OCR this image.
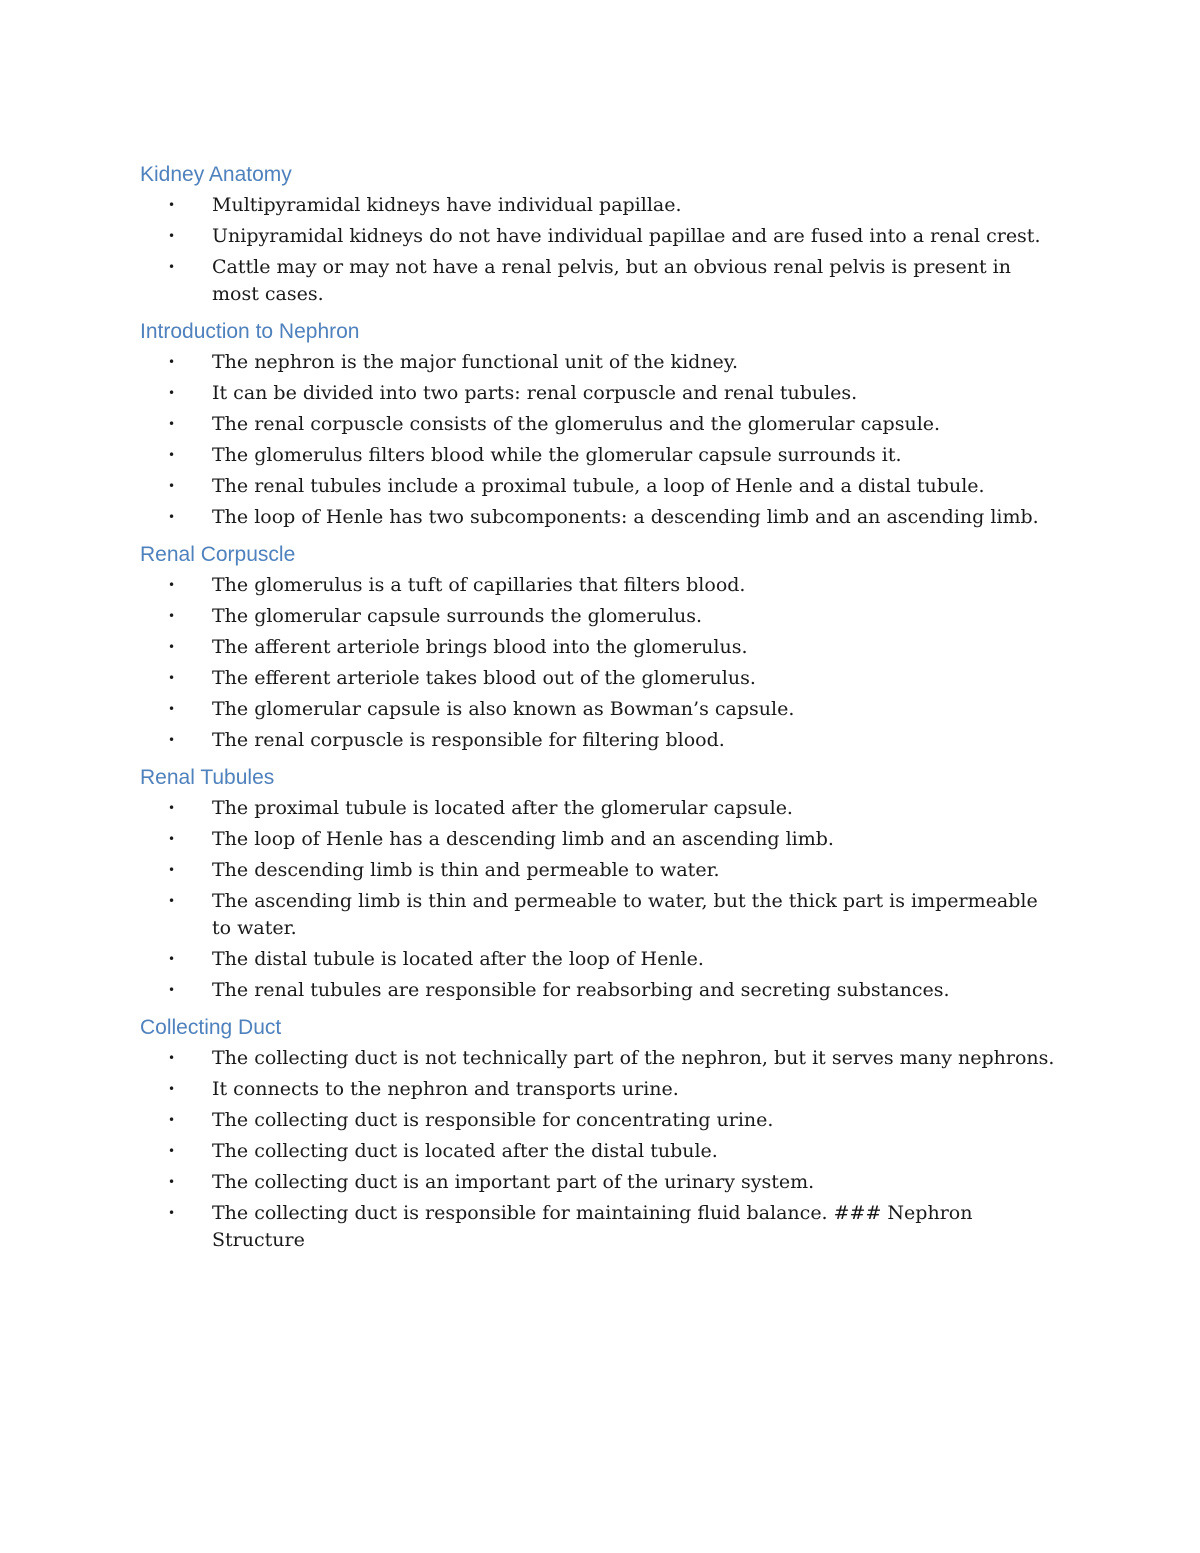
Kidney Anatomy
• Multipyramidal kidneys have individual papillae.
• Unipyramidal kidneys do not have individual papillae and are fused into a renal crest.
• Cattle may or may not have a renal pelvis, but an obvious renal pelvis is present in most cases.
Introduction to Nephron
• The nephron is the major functional unit of the kidney.
• It can be divided into two parts: renal corpuscle and renal tubules.
• The renal corpuscle consists of the glomerulus and the glomerular capsule.
• The glomerulus filters blood while the glomerular capsule surrounds it.
• The renal tubules include a proximal tubule, a loop of Henle and a distal tubule.
• The loop of Henle has two subcomponents: a descending limb and an ascending limb.
Renal Corpuscle
• The glomerulus is a tuft of capillaries that filters blood.
• The glomerular capsule surrounds the glomerulus.
• The afferent arteriole brings blood into the glomerulus.
• The efferent arteriole takes blood out of the glomerulus.
• The glomerular capsule is also known as Bowman’s capsule.
• The renal corpuscle is responsible for filtering blood.
Renal Tubules
• The proximal tubule is located after the glomerular capsule.
• The loop of Henle has a descending limb and an ascending limb.
• The descending limb is thin and permeable to water.
• The ascending limb is thin and permeable to water, but the thick part is impermeable to water.
• The distal tubule is located after the loop of Henle.
• The renal tubules are responsible for reabsorbing and secreting substances.
Collecting Duct
• The collecting duct is not technically part of the nephron, but it serves many nephrons.
• It connects to the nephron and transports urine.
• The collecting duct is responsible for concentrating urine.
• The collecting duct is located after the distal tubule.
• The collecting duct is an important part of the urinary system.
• The collecting duct is responsible for maintaining fluid balance. ### Nephron Structure
